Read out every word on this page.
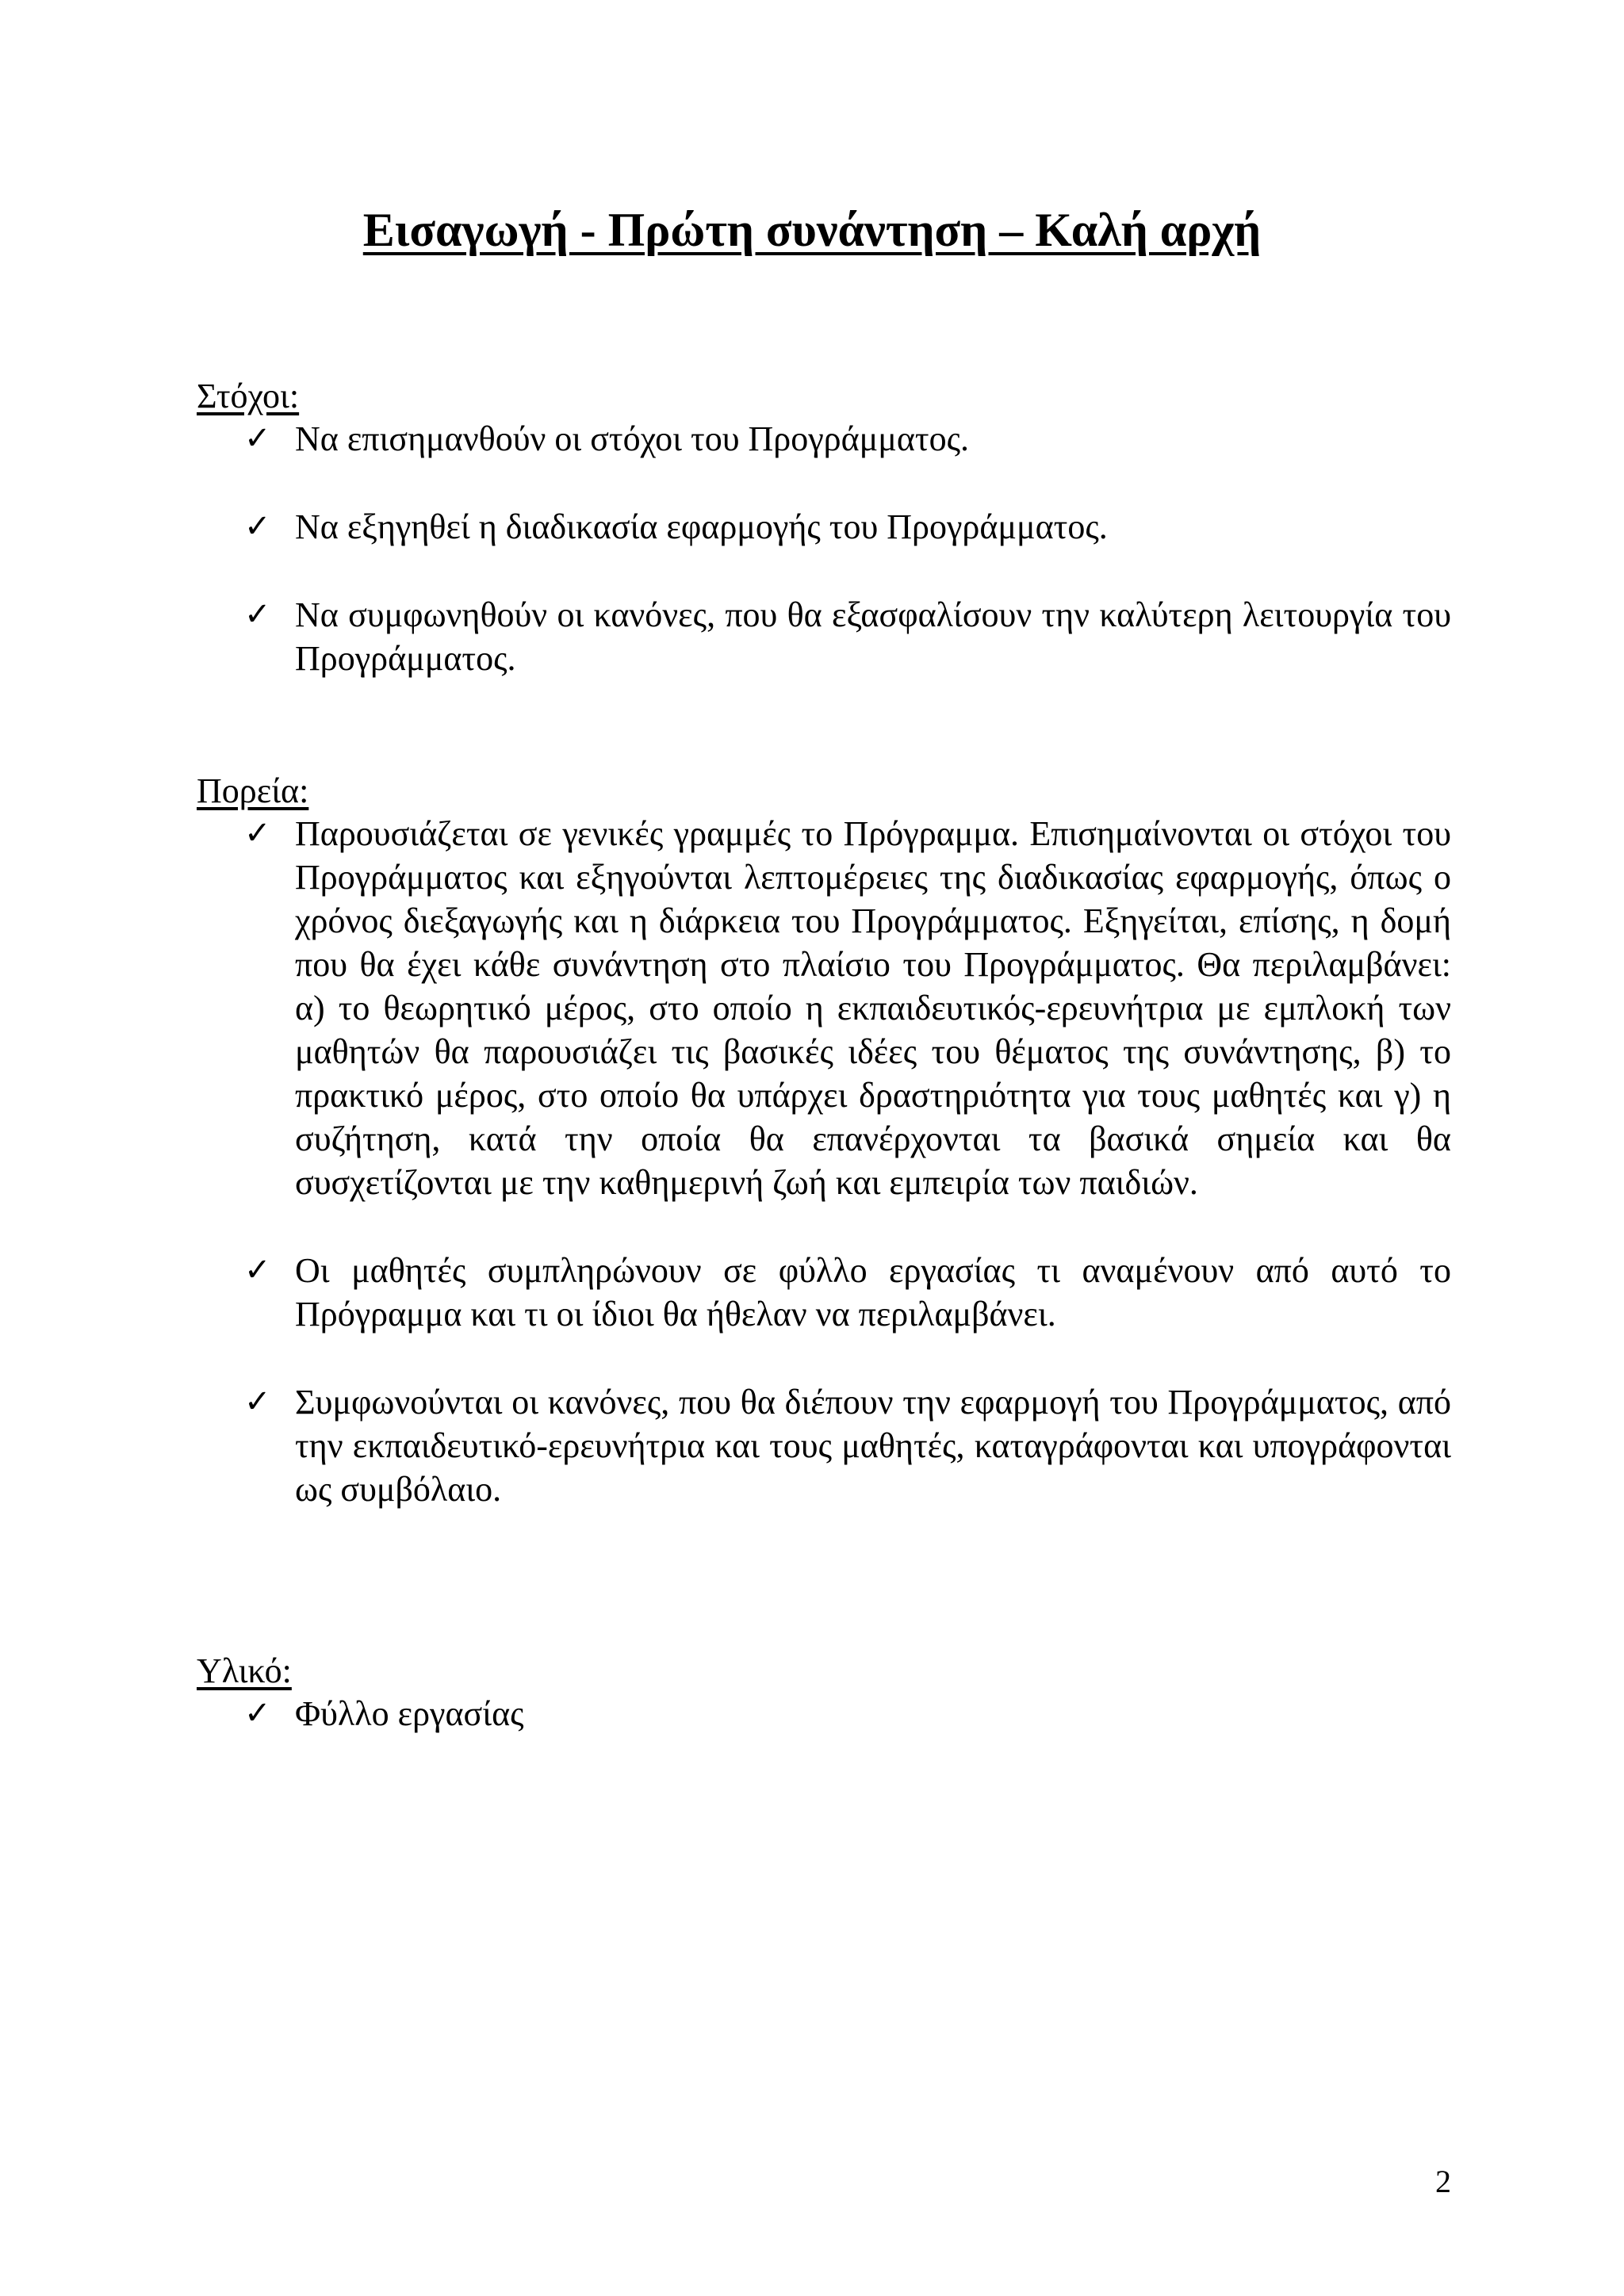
Εισαγωγή - Πρώτη συνάντηση – Καλή αρχή

Στόχοι:

✓ Να επισημανθούν οι στόχοι του Προγράμματος.

✓ Να εξηγηθεί η διαδικασία εφαρμογής του Προγράμματος.

✓ Να συμφωνηθούν οι κανόνες, που θα εξασφαλίσουν την καλύτερη λειτουργία του Προγράμματος.

Πορεία:

✓ Παρουσιάζεται σε γενικές γραμμές το Πρόγραμμα. Επισημαίνονται οι στόχοι του Προγράμματος και εξηγούνται λεπτομέρειες της διαδικασίας εφαρμογής, όπως ο χρόνος διεξαγωγής και η διάρκεια του Προγράμματος. Εξηγείται, επίσης, η δομή που θα έχει κάθε συνάντηση στο πλαίσιο του Προγράμματος. Θα περιλαμβάνει: α) το θεωρητικό μέρος, στο οποίο η εκπαιδευτικός-ερευνήτρια με εμπλοκή των μαθητών θα παρουσιάζει τις βασικές ιδέες του θέματος της συνάντησης, β) το πρακτικό μέρος, στο οποίο θα υπάρχει δραστηριότητα για τους μαθητές και γ) η συζήτηση, κατά την οποία θα επανέρχονται τα βασικά σημεία και θα συσχετίζονται με την καθημερινή ζωή και εμπειρία των παιδιών.

✓ Οι μαθητές συμπληρώνουν σε φύλλο εργασίας τι αναμένουν από αυτό το Πρόγραμμα και τι οι ίδιοι θα ήθελαν να περιλαμβάνει.

✓ Συμφωνούνται οι κανόνες, που θα διέπουν την εφαρμογή του Προγράμματος, από την εκπαιδευτικό-ερευνήτρια και τους μαθητές, καταγράφονται και υπογράφονται ως συμβόλαιο.

Υλικό:

✓ Φύλλο εργασίας

2
